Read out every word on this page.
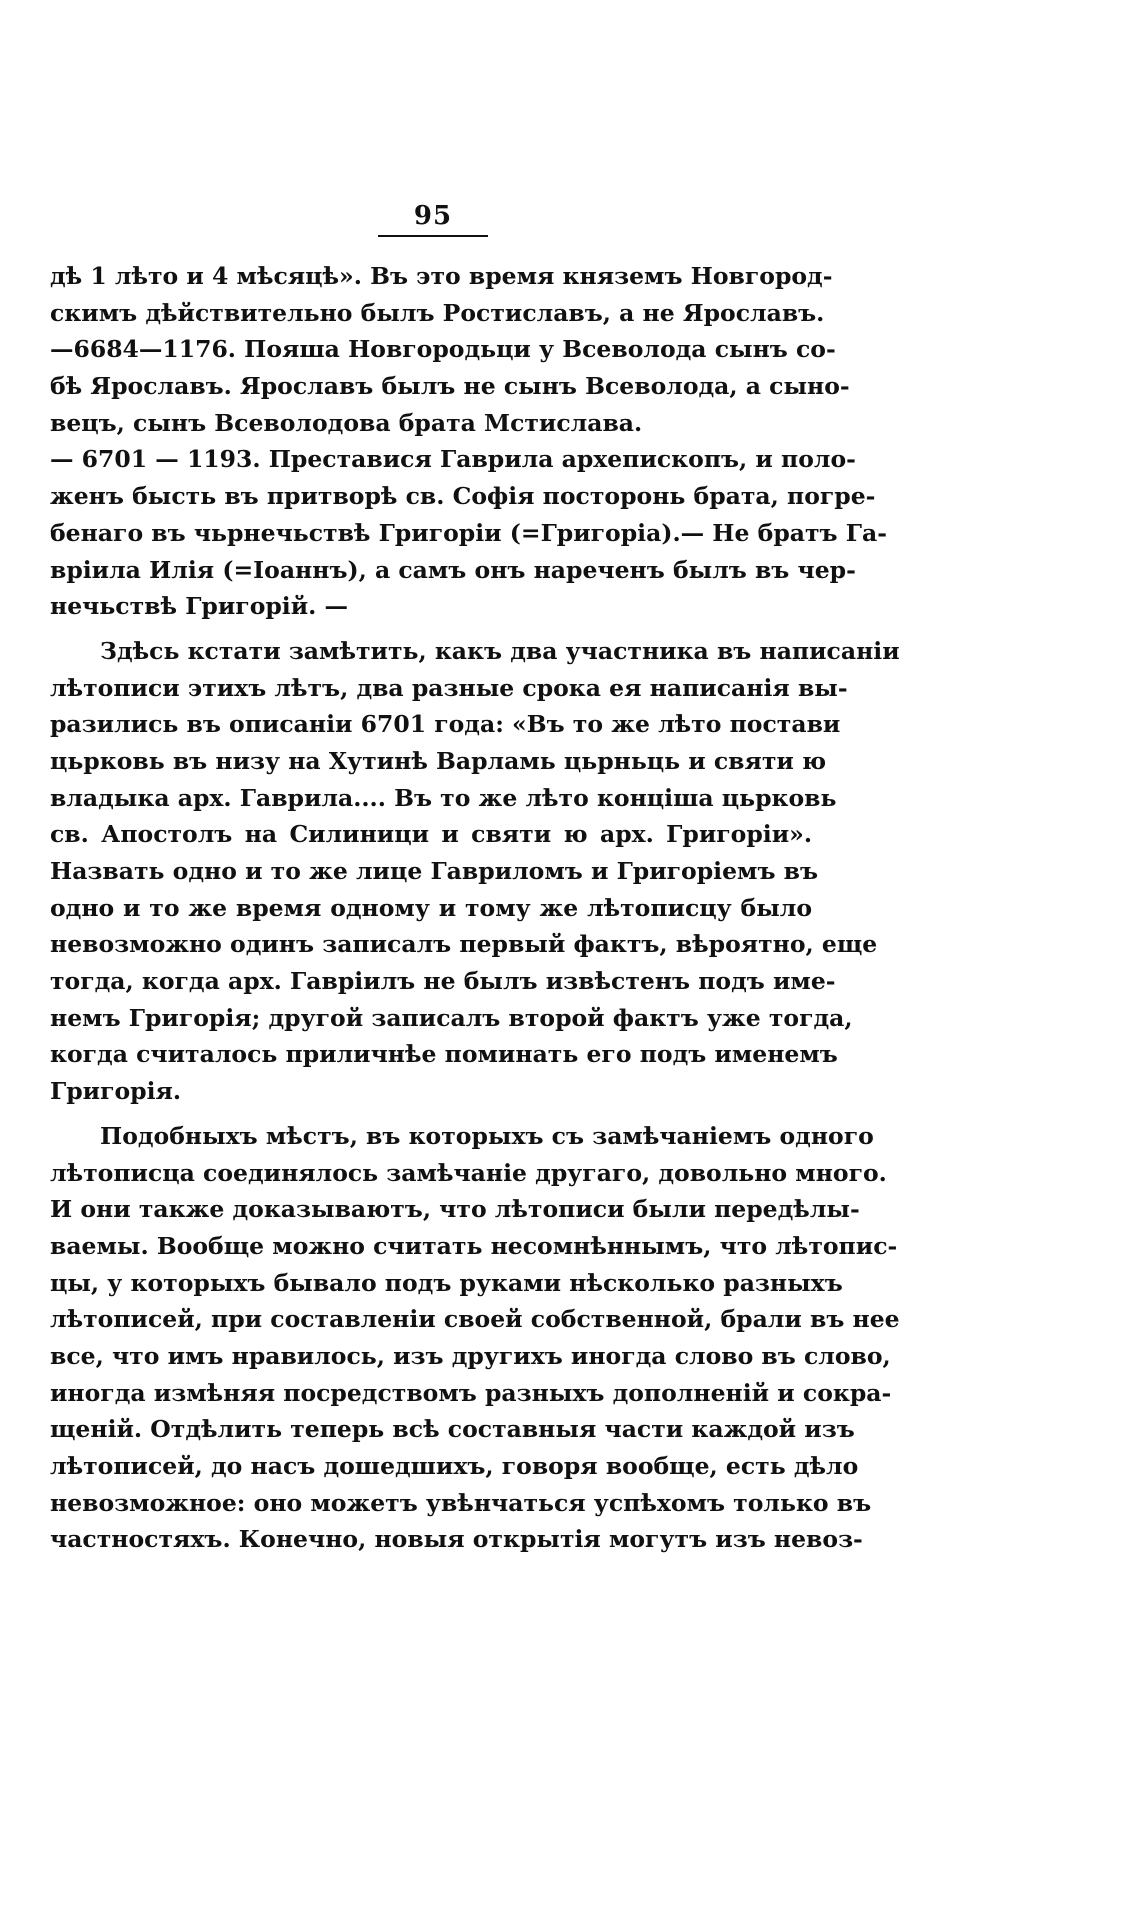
95
дѣ 1 лѣто и 4 мѣсяцѣ». Въ это время княземъ Новгород-
скимъ дѣйствительно былъ Ростиславъ, а не Ярославъ.
—6684—1176. Пояша Новгородьци у Всеволода сынъ со-
бѣ Ярославъ. Ярославъ былъ не сынъ Всеволода, а сыно-
вецъ, сынъ Всеволодова брата Мстислава.
— 6701 — 1193. Преставися Гаврила архепископъ, и поло-
женъ бысть въ притворѣ св. Софія посторонь брата, погре-
бенаго въ чьрнечьствѣ Григоріи (=Григоріа).— Не братъ Га-
вріила Илія (=Іоаннъ), а самъ онъ нареченъ былъ въ чер-
нечьствѣ Григорій. —
Здѣсь кстати замѣтить, какъ два участника въ написаніи
лѣтописи этихъ лѣтъ, два разные срока ея написанія вы-
разились въ описаніи 6701 года: «Въ то же лѣто постави
цьрковь въ низу на Хутинѣ Варламь цьрньць и святи ю
владыка арх. Гаврила.... Въ то же лѣто конціша цьрковь
св. Апостолъ на Силиници и святи ю арх. Григоріи».
Назвать одно и то же лице Гавриломъ и Григоріемъ въ
одно и то же время одному и тому же лѣтописцу было
невозможно одинъ записалъ первый фактъ, вѣроятно, еще
тогда, когда арх. Гавріилъ не былъ извѣстенъ подъ име-
немъ Григорія; другой записалъ второй фактъ уже тогда,
когда считалось приличнѣе поминать его подъ именемъ
Григорія.
Подобныхъ мѣстъ, въ которыхъ съ замѣчаніемъ одного
лѣтописца соединялось замѣчаніе другаго, довольно много.
И они также доказываютъ, что лѣтописи были передѣлы-
ваемы. Вообще можно считать несомнѣннымъ, что лѣтопис-
цы, у которыхъ бывало подъ руками нѣсколько разныхъ
лѣтописей, при составленіи своей собственной, брали въ нее
все, что имъ нравилось, изъ другихъ иногда слово въ слово,
иногда измѣняя посредствомъ разныхъ дополненій и сокра-
щеній. Отдѣлить теперь всѣ составныя части каждой изъ
лѣтописей, до насъ дошедшихъ, говоря вообще, есть дѣло
невозможное: оно можетъ увѣнчаться успѣхомъ только въ
частностяхъ. Конечно, новыя открытія могутъ изъ невоз-
